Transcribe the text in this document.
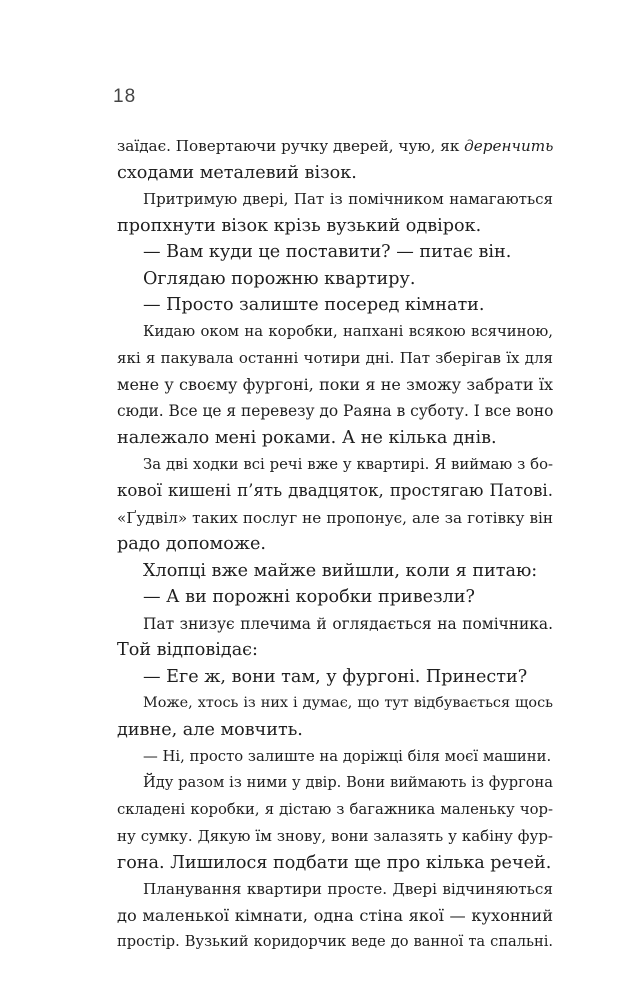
18
заїдає. Повертаючи ручку дверей, чую, як деренчить
сходами металевий візок.
Притримую двері, Пат із помічником намагаються
пропхнути візок крізь вузький одвірок.
— Вам куди це поставити? — питає він.
Оглядаю порожню квартиру.
— Просто залиште посеред кімнати.
Кидаю оком на коробки, напхані всякою всячиною,
які я пакувала останні чотири дні. Пат зберігав їх для
мене у своєму фургоні, поки я не зможу забрати їх
сюди. Все це я перевезу до Раяна в суботу. І все воно
належало мені роками. А не кілька днів.
За дві ходки всі речі вже у квартирі. Я виймаю з бо-
кової кишені п’ять двадцяток, простягаю Патові.
«Ґудвіл» таких послуг не пропонує, але за готівку він
радо допоможе.
Хлопці вже майже вийшли, коли я питаю:
— А ви порожні коробки привезли?
Пат знизує плечима й оглядається на помічника.
Той відповідає:
— Еге ж, вони там, у фургоні. Принести?
Може, хтось із них і думає, що тут відбувається щось
дивне, але мовчить.
— Ні, просто залиште на доріжці біля моєї машини.
Йду разом із ними у двір. Вони виймають із фургона
складені коробки, я дістаю з багажника маленьку чор-
ну сумку. Дякую їм знову, вони залазять у кабіну фур-
гона. Лишилося подбати ще про кілька речей.
Планування квартири просте. Двері відчиняються
до маленької кімнати, одна стіна якої — кухонний
простір. Вузький коридорчик веде до ванної та спальні.
